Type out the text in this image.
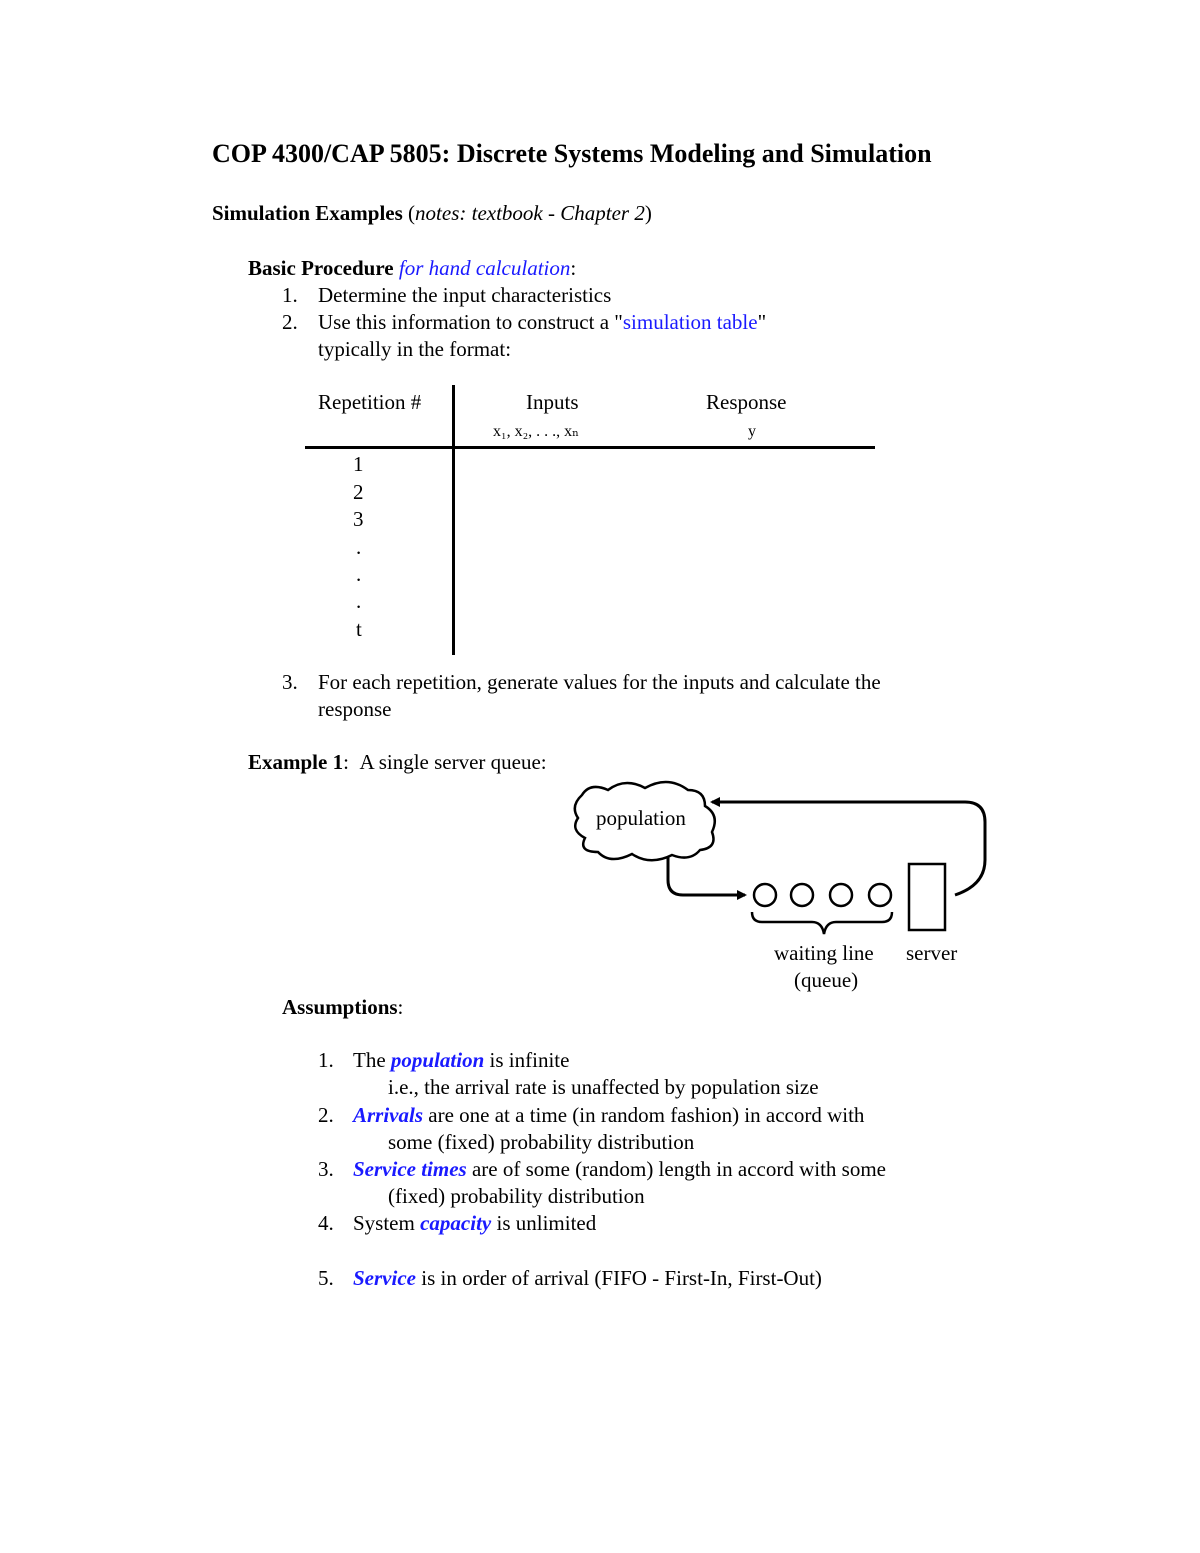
COP 4300/CAP 5805: Discrete Systems Modeling and Simulation
Simulation Examples (notes: textbook - Chapter 2)
Basic Procedure for hand calculation:
1. Determine the input characteristics
2. Use this information to construct a "simulation table"
typically in the format:
Repetition #	Inputs
x₁, x₂, . . ., xₙ
Response
y
1
2
3
.
.
.
t
3. For each repetition, generate values for the inputs and calculate the
response
Example 1: A single server queue:
population
waiting line
(queue)
server
Assumptions:
1. The population is infinite
i.e., the arrival rate is unaffected by population size
2. Arrivals are one at a time (in random fashion) in accord with
some (fixed) probability distribution
3. Service times are of some (random) length in accord with some
(fixed) probability distribution
4. System capacity is unlimited
5. Service is in order of arrival (FIFO - First-In, First-Out)
